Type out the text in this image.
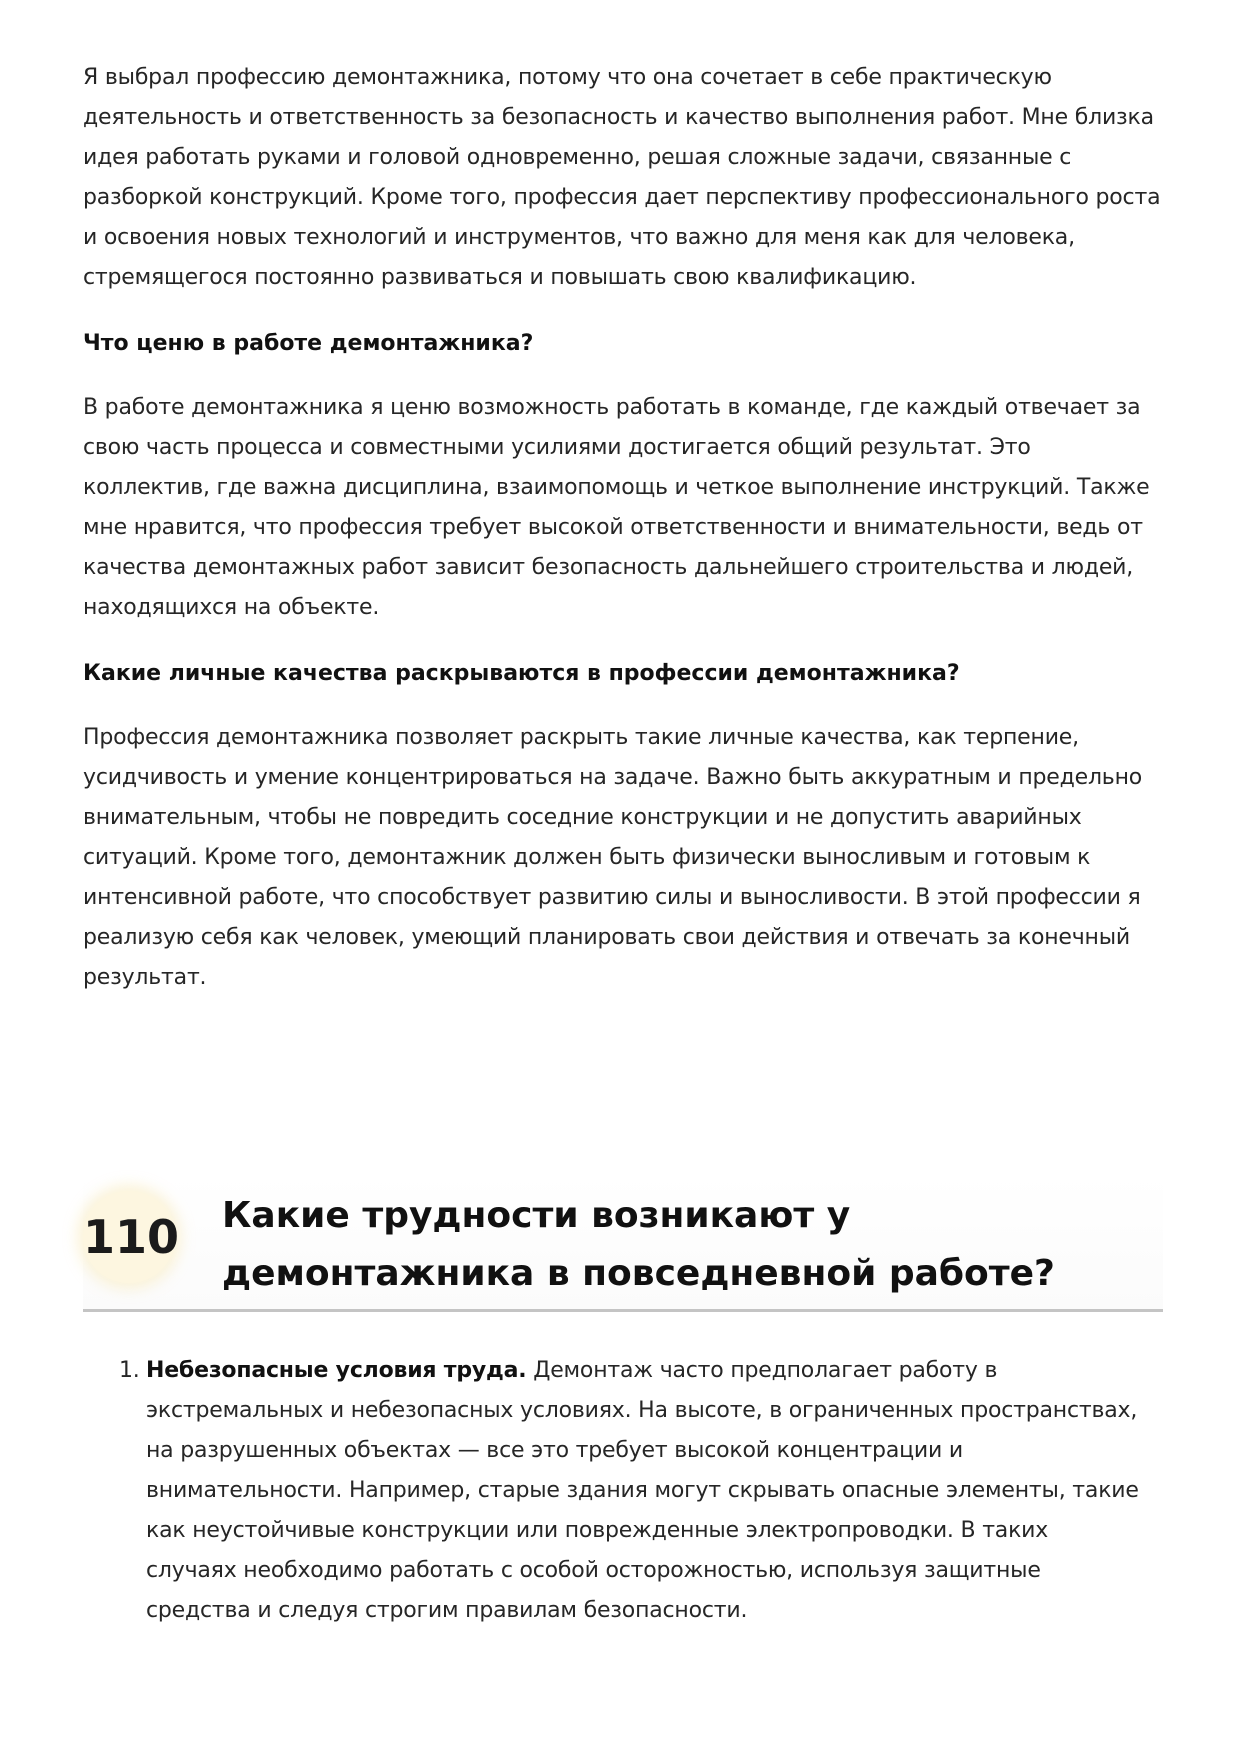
Я выбрал профессию демонтажника, потому что она сочетает в себе практическую деятельность и ответственность за безопасность и качество выполнения работ. Мне близка идея работать руками и головой одновременно, решая сложные задачи, связанные с разборкой конструкций. Кроме того, профессия дает перспективу профессионального роста и освоения новых технологий и инструментов, что важно для меня как для человека, стремящегося постоянно развиваться и повышать свою квалификацию.

Что ценю в работе демонтажника?

В работе демонтажника я ценю возможность работать в команде, где каждый отвечает за свою часть процесса и совместными усилиями достигается общий результат. Это коллектив, где важна дисциплина, взаимопомощь и четкое выполнение инструкций. Также мне нравится, что профессия требует высокой ответственности и внимательности, ведь от качества демонтажных работ зависит безопасность дальнейшего строительства и людей, находящихся на объекте.

Какие личные качества раскрываются в профессии демонтажника?

Профессия демонтажника позволяет раскрыть такие личные качества, как терпение, усидчивость и умение концентрироваться на задаче. Важно быть аккуратным и предельно внимательным, чтобы не повредить соседние конструкции и не допустить аварийных ситуаций. Кроме того, демонтажник должен быть физически выносливым и готовым к интенсивной работе, что способствует развитию силы и выносливости. В этой профессии я реализую себя как человек, умеющий планировать свои действия и отвечать за конечный результат.

110 Какие трудности возникают у демонтажника в повседневной работе?
1. Небезопасные условия труда. Демонтаж часто предполагает работу в экстремальных и небезопасных условиях. На высоте, в ограниченных пространствах, на разрушенных объектах — все это требует высокой концентрации и внимательности. Например, старые здания могут скрывать опасные элементы, такие как неустойчивые конструкции или поврежденные электропроводки. В таких случаях необходимо работать с особой осторожностью, используя защитные средства и следуя строгим правилам безопасности.
